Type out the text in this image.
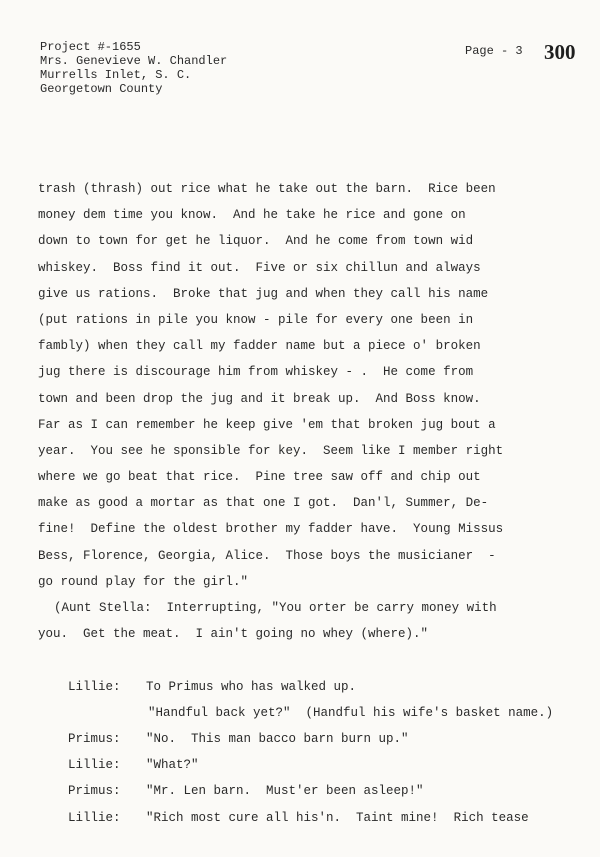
Project #-1655
Mrs. Genevieve W. Chandler
Murrells Inlet, S. C.
Georgetown County
Page - 3 300
trash (thrash) out rice what he take out the barn.  Rice been
money dem time you know.  And he take he rice and gone on
down to town for get he liquor.  And he come from town wid
whiskey.  Boss find it out.  Five or six chillun and always
give us rations.  Broke that jug and when they call his name
(put rations in pile you know - pile for every one been in
fambly) when they call my fadder name but a piece o' broken
jug there is discourage him from whiskey - .  He come from
town and been drop the jug and it break up.  And Boss know.
Far as I can remember he keep give 'em that broken jug bout a
year.  You see he sponsible for key.  Seem like I member right
where we go beat that rice.  Pine tree saw off and chip out
make as good a mortar as that one I got.  Dan'l, Summer, De-
fine!  Define the oldest brother my fadder have.  Young Missus
Bess, Florence, Georgia, Alice.  Those boys the musicianer  -
go round play for the girl."
(Aunt Stella:  Interrupting, "You orter be carry money with
you.  Get the meat.  I ain't going no whey (where)."

Lillie: To Primus who has walked up.

"Handful back yet?"  (Handful his wife's basket name.)

Primus: "No.  This man bacco barn burn up."

Lillie: "What?"

Primus: "Mr. Len barn.  Must'er been asleep!"

Lillie: "Rich most cure all his'n.  Taint mine!  Rich tease
